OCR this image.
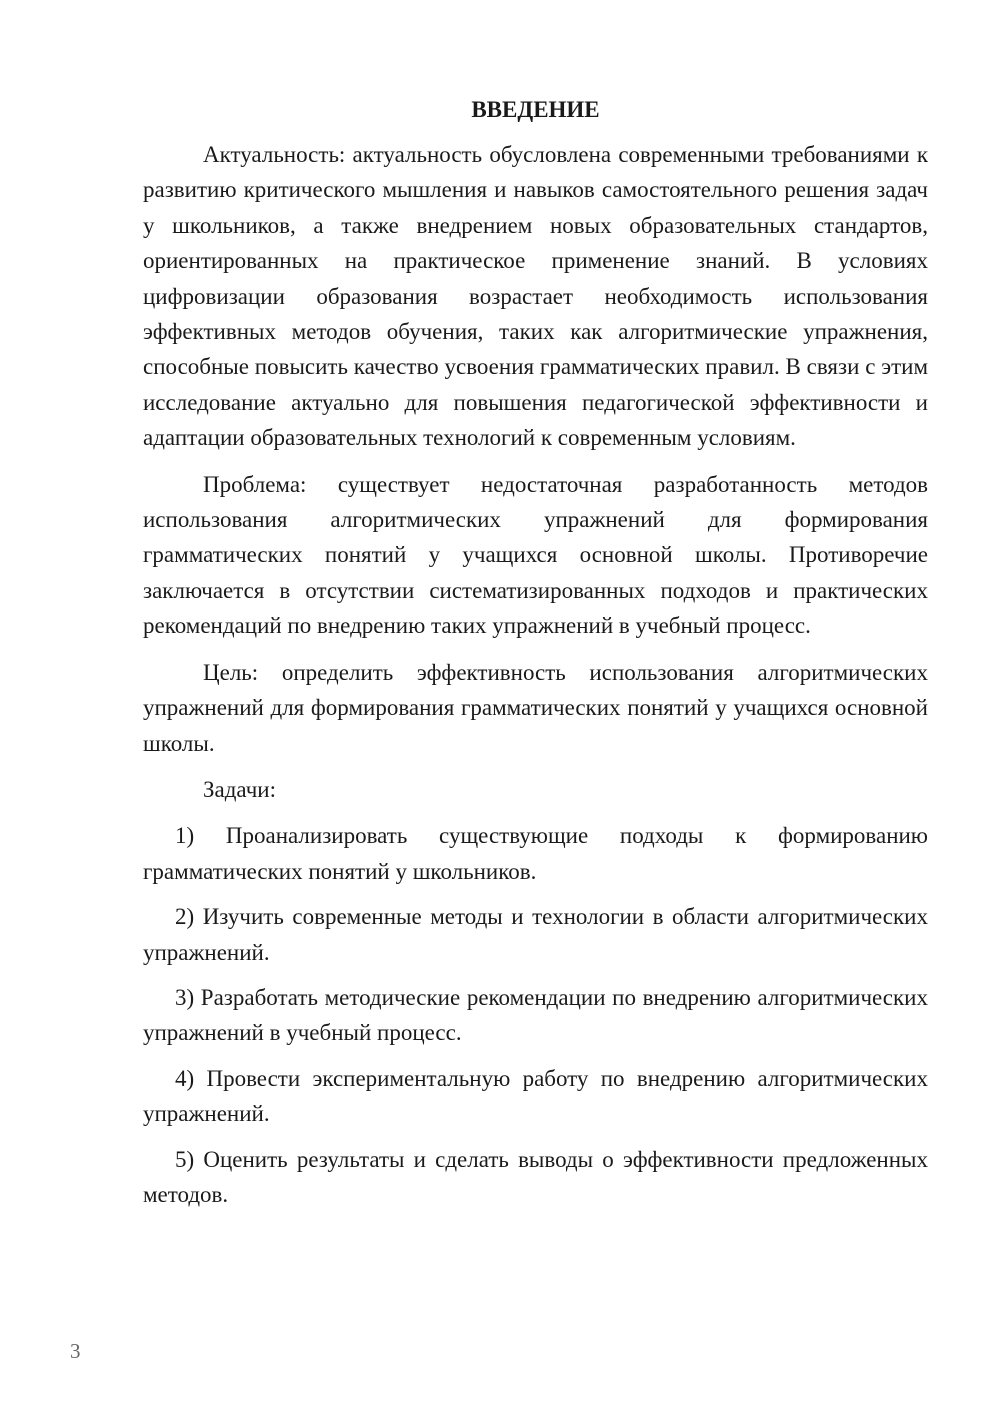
ВВЕДЕНИЕ

Актуальность: актуальность обусловлена современными требованиями к развитию критического мышления и навыков самостоятельного решения задач у школьников, а также внедрением новых образовательных стандартов, ориентированных на практическое применение знаний. В условиях цифровизации образования возрастает необходимость использования эффективных методов обучения, таких как алгоритмические упражнения, способные повысить качество усвоения грамматических правил. В связи с этим исследование актуально для повышения педагогической эффективности и адаптации образовательных технологий к современным условиям.

Проблема: существует недостаточная разработанность методов использования алгоритмических упражнений для формирования грамматических понятий у учащихся основной школы. Противоречие заключается в отсутствии систематизированных подходов и практических рекомендаций по внедрению таких упражнений в учебный процесс.

Цель: определить эффективность использования алгоритмических упражнений для формирования грамматических понятий у учащихся основной школы.

Задачи:

1) Проанализировать существующие подходы к формированию грамматических понятий у школьников.

2) Изучить современные методы и технологии в области алгоритмических упражнений.

3) Разработать методические рекомендации по внедрению алгоритмических упражнений в учебный процесс.

4) Провести экспериментальную работу по внедрению алгоритмических упражнений.

5) Оценить результаты и сделать выводы о эффективности предложенных методов.

3
